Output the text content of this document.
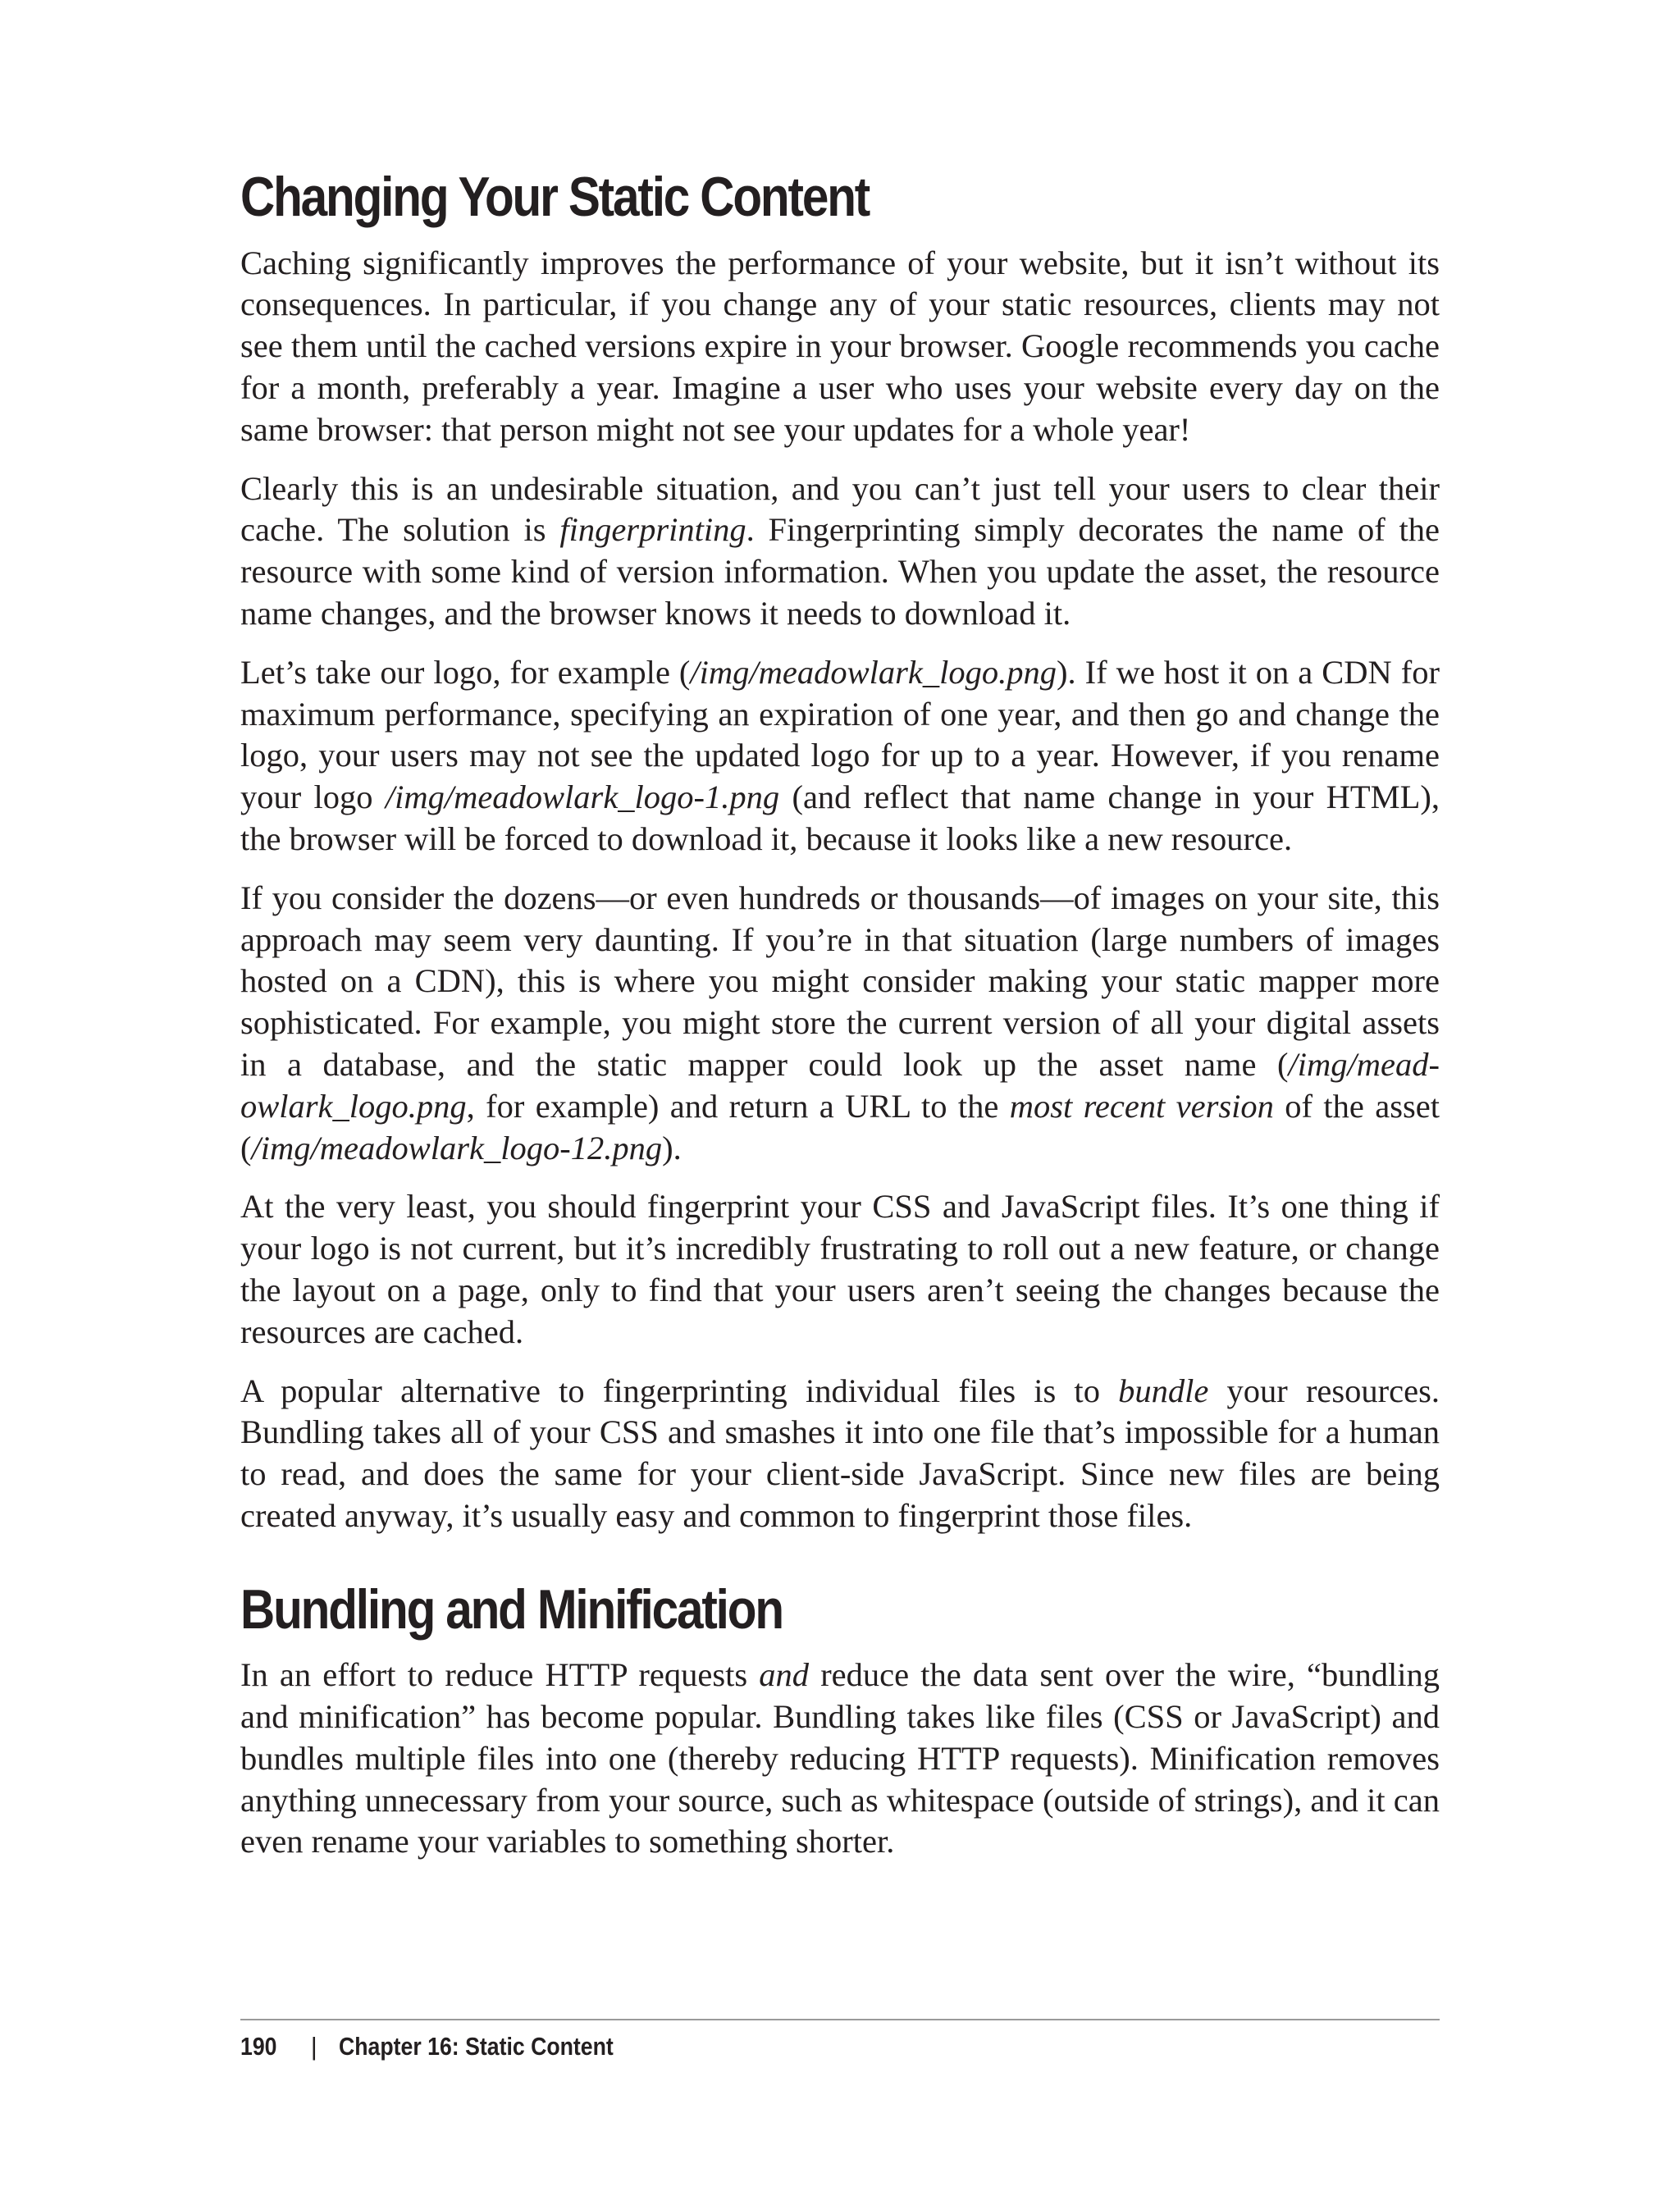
Changing Your Static Content

Caching significantly improves the performance of your website, but it isn’t without its consequences. In particular, if you change any of your static resources, clients may not see them until the cached versions expire in your browser. Google recommends you cache for a month, preferably a year. Imagine a user who uses your website every day on the same browser: that person might not see your updates for a whole year!

Clearly this is an undesirable situation, and you can’t just tell your users to clear their cache. The solution is fingerprinting. Fingerprinting simply decorates the name of the resource with some kind of version information. When you update the asset, the resource name changes, and the browser knows it needs to download it.

Let’s take our logo, for example (/img/meadowlark_logo.png). If we host it on a CDN for maximum performance, specifying an expiration of one year, and then go and change the logo, your users may not see the updated logo for up to a year. However, if you rename your logo /img/meadowlark_logo-1.png (and reflect that name change in your HTML), the browser will be forced to download it, because it looks like a new resource.

If you consider the dozens—or even hundreds or thousands—of images on your site, this approach may seem very daunting. If you’re in that situation (large numbers of images hosted on a CDN), this is where you might consider making your static mapper more sophisticated. For example, you might store the current version of all your digital assets in a database, and the static mapper could look up the asset name (/img/meadowlark_logo.png, for example) and return a URL to the most recent version of the asset (/img/meadowlark_logo-12.png).

At the very least, you should fingerprint your CSS and JavaScript files. It’s one thing if your logo is not current, but it’s incredibly frustrating to roll out a new feature, or change the layout on a page, only to find that your users aren’t seeing the changes because the resources are cached.

A popular alternative to fingerprinting individual files is to bundle your resources. Bundling takes all of your CSS and smashes it into one file that’s impossible for a human to read, and does the same for your client-side JavaScript. Since new files are being created anyway, it’s usually easy and common to fingerprint those files.

Bundling and Minification

In an effort to reduce HTTP requests and reduce the data sent over the wire, “bundling and minification” has become popular. Bundling takes like files (CSS or JavaScript) and bundles multiple files into one (thereby reducing HTTP requests). Minification removes anything unnecessary from your source, such as whitespace (outside of strings), and it can even rename your variables to something shorter.

190 | Chapter 16: Static Content
